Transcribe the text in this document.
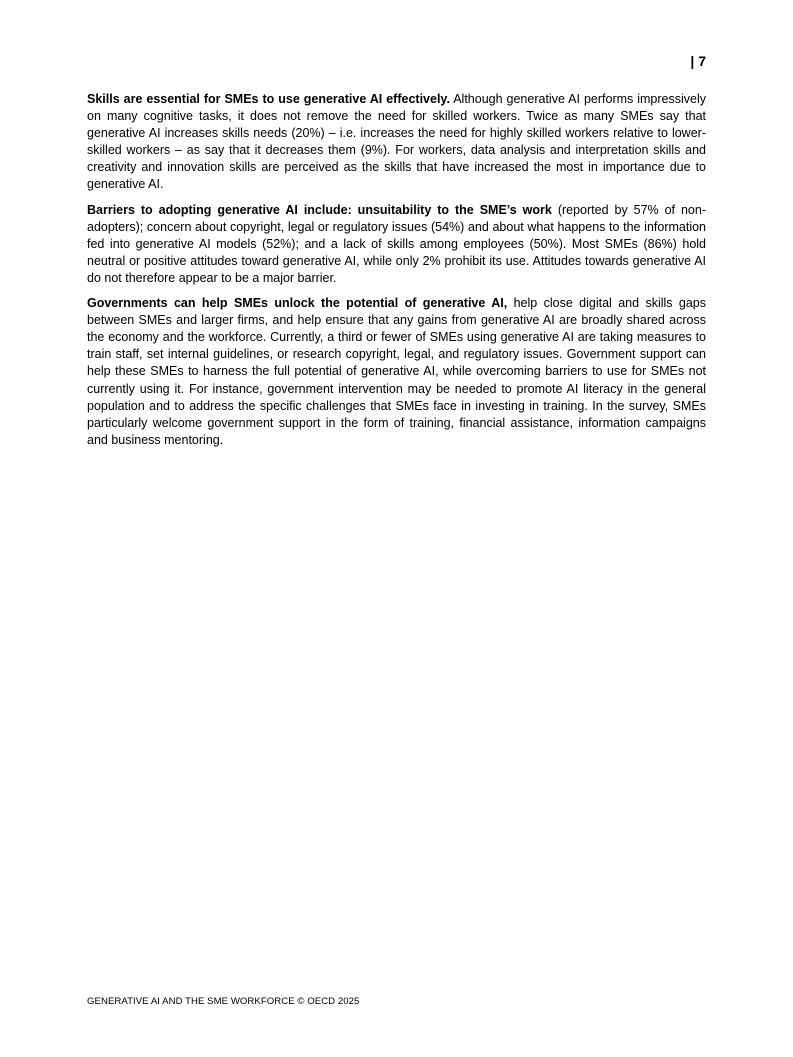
| 7

Skills are essential for SMEs to use generative AI effectively. Although generative AI performs impressively on many cognitive tasks, it does not remove the need for skilled workers. Twice as many SMEs say that generative AI increases skills needs (20%) – i.e. increases the need for highly skilled workers relative to lower-skilled workers – as say that it decreases them (9%). For workers, data analysis and interpretation skills and creativity and innovation skills are perceived as the skills that have increased the most in importance due to generative AI.

Barriers to adopting generative AI include: unsuitability to the SME’s work (reported by 57% of non-adopters); concern about copyright, legal or regulatory issues (54%) and about what happens to the information fed into generative AI models (52%); and a lack of skills among employees (50%). Most SMEs (86%) hold neutral or positive attitudes toward generative AI, while only 2% prohibit its use. Attitudes towards generative AI do not therefore appear to be a major barrier.

Governments can help SMEs unlock the potential of generative AI, help close digital and skills gaps between SMEs and larger firms, and help ensure that any gains from generative AI are broadly shared across the economy and the workforce. Currently, a third or fewer of SMEs using generative AI are taking measures to train staff, set internal guidelines, or research copyright, legal, and regulatory issues. Government support can help these SMEs to harness the full potential of generative AI, while overcoming barriers to use for SMEs not currently using it. For instance, government intervention may be needed to promote AI literacy in the general population and to address the specific challenges that SMEs face in investing in training. In the survey, SMEs particularly welcome government support in the form of training, financial assistance, information campaigns and business mentoring.

GENERATIVE AI AND THE SME WORKFORCE © OECD 2025
